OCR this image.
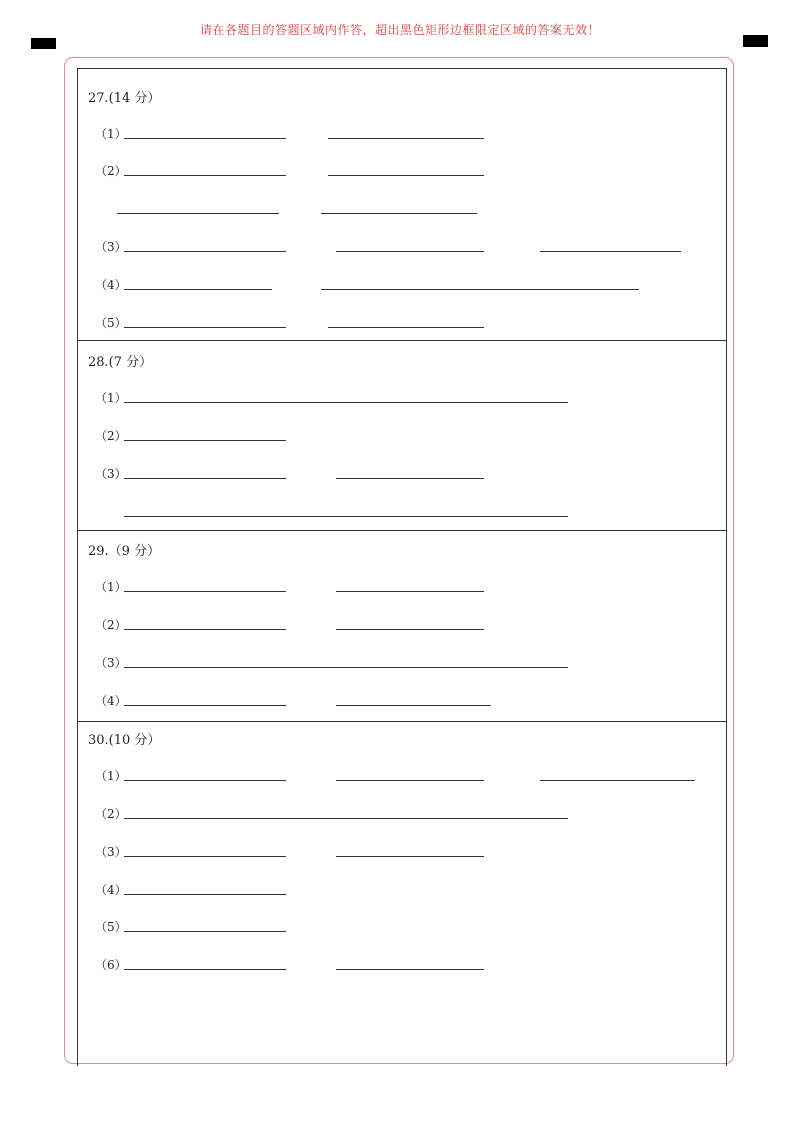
请在各题目的答题区域内作答，超出黑色矩形边框限定区域的答案无效！
27.(14 分）
（1）
（2）
（3）
（4）
（5）
28.(7 分）
（1）
（2）
（3）
29.（9 分）
（1）
（2）
（3）
（4）
30.(10 分）
（1）
（2）
（3）
（4）
（5）
（6）
